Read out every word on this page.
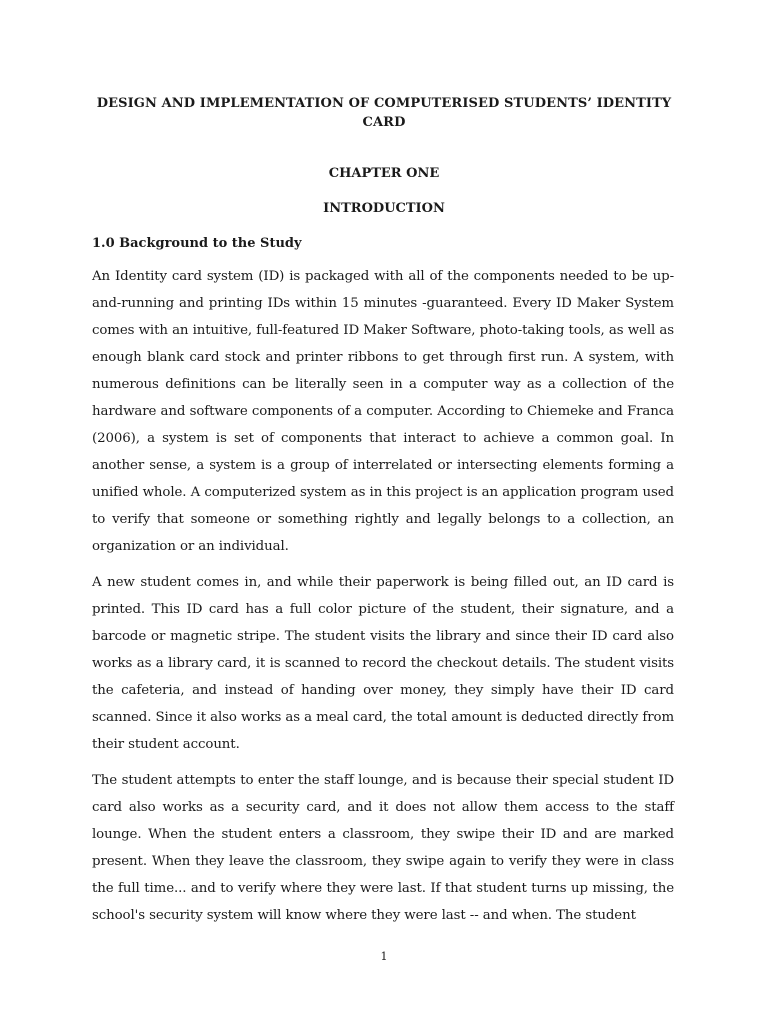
DESIGN AND IMPLEMENTATION OF COMPUTERISED STUDENTS’ IDENTITY CARD
CHAPTER ONE
INTRODUCTION
1.0 Background to the Study

An Identity card system (ID) is packaged with all of the components needed to be up-and-running and printing IDs within 15 minutes -guaranteed. Every ID Maker System comes with an intuitive, full-featured ID Maker Software, photo-taking tools, as well as enough blank card stock and printer ribbons to get through first run. A system, with numerous definitions can be literally seen in a computer way as a collection of the hardware and software components of a computer. According to Chiemeke and Franca (2006), a system is set of components that interact to achieve a common goal. In another sense, a system is a group of interrelated or intersecting elements forming a unified whole. A computerized system as in this project is an application program used to verify that someone or something rightly and legally belongs to a collection, an organization or an individual.

A new student comes in, and while their paperwork is being filled out, an ID card is printed. This ID card has a full color picture of the student, their signature, and a barcode or magnetic stripe. The student visits the library and since their ID card also works as a library card, it is scanned to record the checkout details. The student visits the cafeteria, and instead of handing over money, they simply have their ID card scanned. Since it also works as a meal card, the total amount is deducted directly from their student account.

The student attempts to enter the staff lounge, and is because their special student ID card also works as a security card, and it does not allow them access to the staff lounge. When the student enters a classroom, they swipe their ID and are marked present. When they leave the classroom, they swipe again to verify they were in class the full time... and to verify where they were last. If that student turns up missing, the school's security system will know where they were last -- and when. The student

1
